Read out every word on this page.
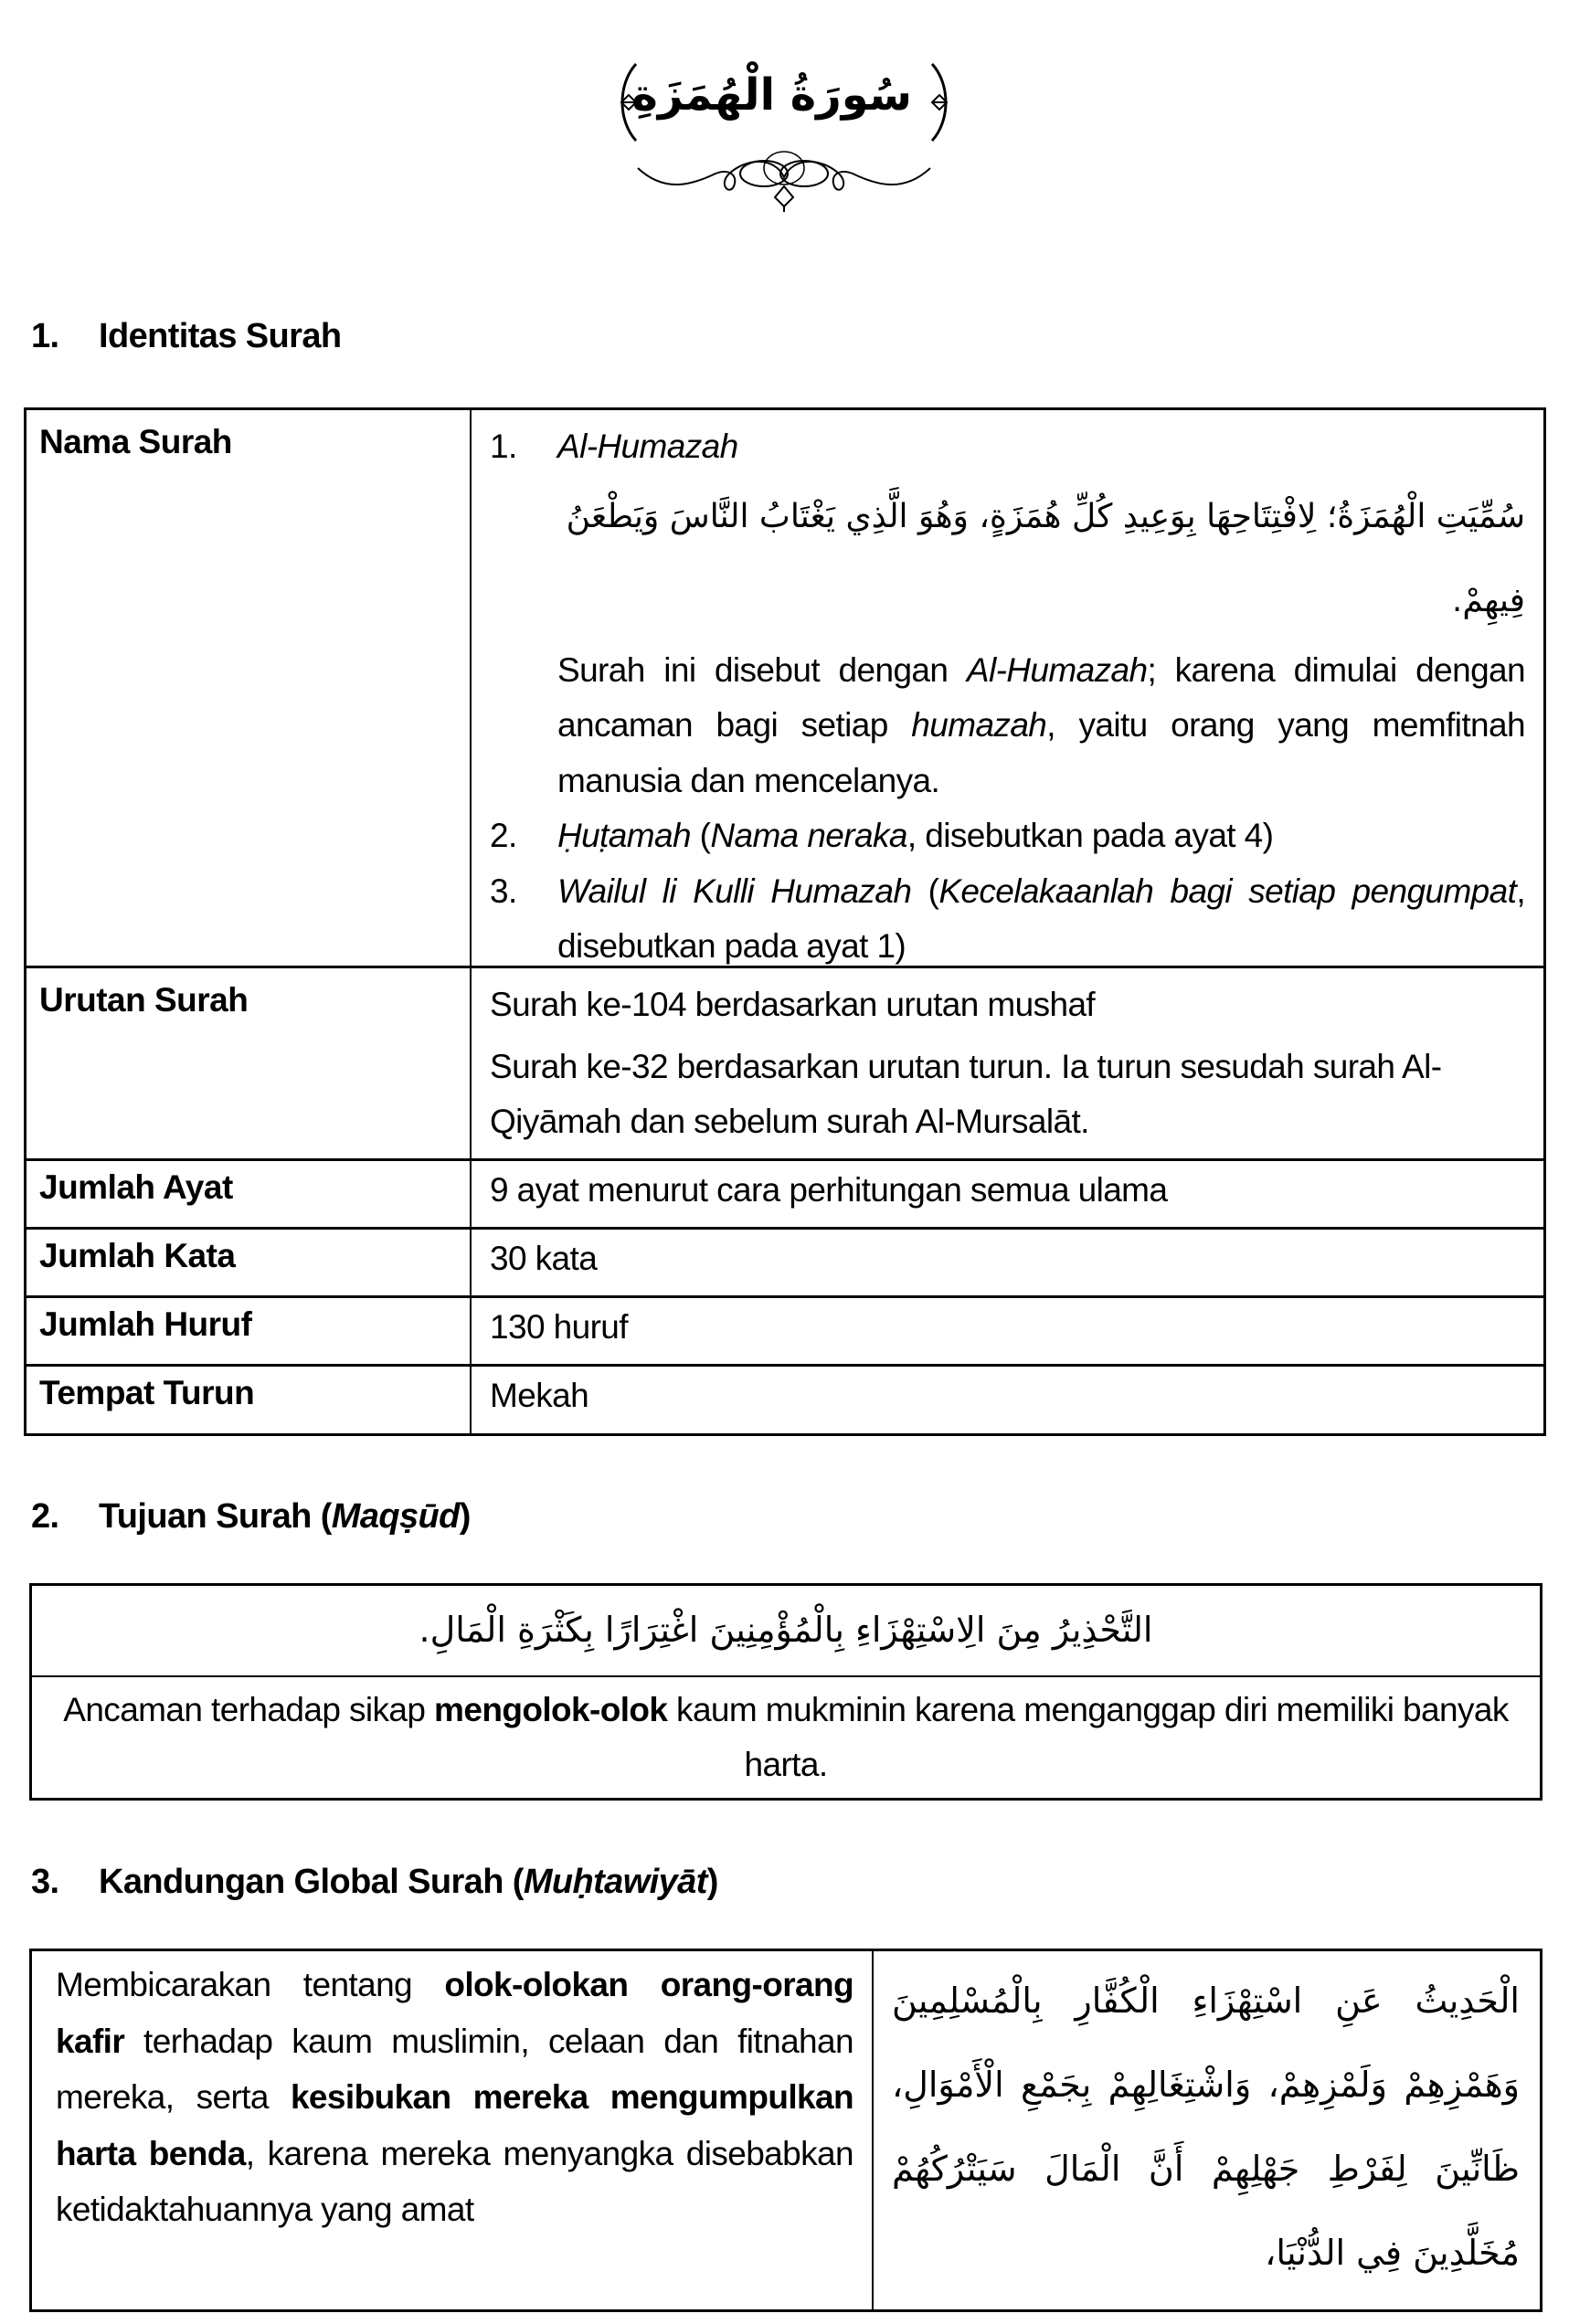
سُورَةُ الْهُمَزَةِ
1. Identitas Surah
Nama Surah	1. Al-Humazah

سُمِّيَتِ الْهُمَزَةُ؛ لِافْتِتَاحِهَا بِوَعِيدِ كُلِّ هُمَزَةٍ، وَهُوَ الَّذِي يَغْتَابُ النَّاسَ وَيَطْعَنُ فِيهِمْ.

Surah ini disebut dengan Al-Humazah; karena dimulai dengan ancaman bagi setiap humazah, yaitu orang yang memfitnah manusia dan mencelanya.

2. Ḥuṭamah (Nama neraka, disebutkan pada ayat 4)

3. Wailul li Kulli Humazah (Kecelakaanlah bagi setiap pengumpat, disebutkan pada ayat 1)

Urutan Surah	Surah ke-104 berdasarkan urutan mushaf

Surah ke-32 berdasarkan urutan turun. Ia turun sesudah surah Al-Qiyāmah dan sebelum surah Al-Mursalāt.

Jumlah Ayat	9 ayat menurut cara perhitungan semua ulama
Jumlah Kata	30 kata
Jumlah Huruf	130 huruf
Tempat Turun	Mekah
2. Tujuan Surah (Maqṣūd)
التَّحْذِيرُ مِنَ الِاسْتِهْزَاءِ بِالْمُؤْمِنِينَ اغْتِرَارًا بِكَثْرَةِ الْمَالِ.
Ancaman terhadap sikap mengolok-olok kaum mukminin karena menganggap diri memiliki banyak harta.
3. Kandungan Global Surah (Muḥtawiyāt)
Membicarakan tentang olok-olokan orang-orang kafir terhadap kaum muslimin, celaan dan fitnahan mereka, serta kesibukan mereka mengumpulkan harta benda, karena mereka menyangka disebabkan ketidaktahuannya yang amat
الْحَدِيثُ عَنِ اسْتِهْزَاءِ الْكُفَّارِ بِالْمُسْلِمِينَ وَهَمْزِهِمْ وَلَمْزِهِمْ، وَاشْتِغَالِهِمْ بِجَمْعِ الْأَمْوَالِ، ظَانِّينَ لِفَرْطِ جَهْلِهِمْ أَنَّ الْمَالَ سَيَتْرُكُهُمْ مُخَلَّدِينَ فِي الدُّنْيَا،
